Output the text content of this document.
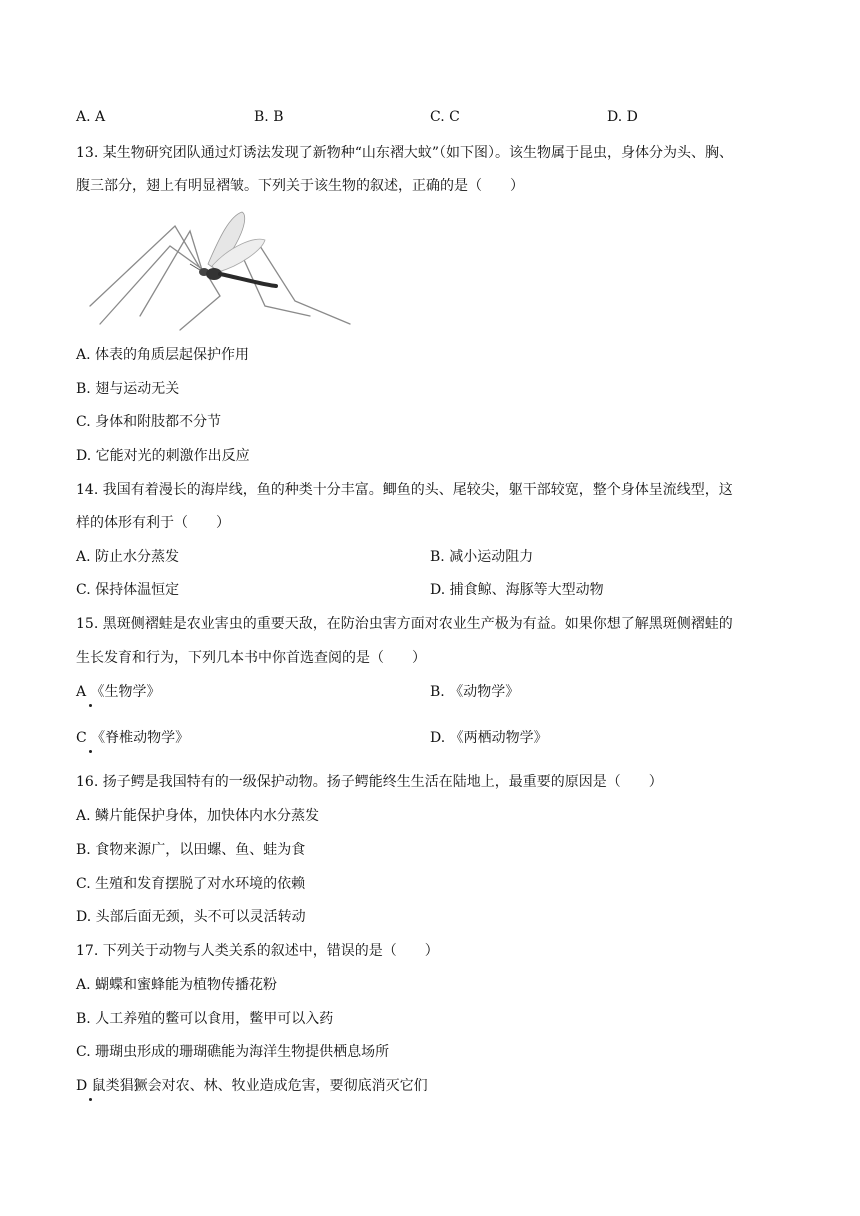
A. A	B. B	C. C	D. D
13. 某生物研究团队通过灯诱法发现了新物种“山东褶大蚊”（如下图）。该生物属于昆虫，身体分为头、胸、
腹三部分，翅上有明显褶皱。下列关于该生物的叙述，正确的是（　　）
A. 体表的角质层起保护作用
B. 翅与运动无关
C. 身体和附肢都不分节
D. 它能对光的刺激作出反应
14. 我国有着漫长的海岸线，鱼的种类十分丰富。鲫鱼的头、尾较尖，躯干部较宽，整个身体呈流线型，这
样的体形有利于（　　）
A. 防止水分蒸发	B. 减小运动阻力
C. 保持体温恒定	D. 捕食鲸、海豚等大型动物
15. 黑斑侧褶蛙是农业害虫的重要天敌，在防治虫害方面对农业生产极为有益。如果你想了解黑斑侧褶蛙的
生长发育和行为，下列几本书中你首选查阅的是（　　）
A 《生物学》	B. 《动物学》
C 《脊椎动物学》	D. 《两栖动物学》
16. 扬子鳄是我国特有的一级保护动物。扬子鳄能终生生活在陆地上，最重要的原因是（　　）
A. 鳞片能保护身体，加快体内水分蒸发
B. 食物来源广，以田螺、鱼、蛙为食
C. 生殖和发育摆脱了对水环境的依赖
D. 头部后面无颈，头不可以灵活转动
17. 下列关于动物与人类关系的叙述中，错误的是（　　）
A. 蝴蝶和蜜蜂能为植物传播花粉
B. 人工养殖的鳖可以食用，鳖甲可以入药
C. 珊瑚虫形成的珊瑚礁能为海洋生物提供栖息场所
D 鼠类猖獗会对农、林、牧业造成危害，要彻底消灭它们
